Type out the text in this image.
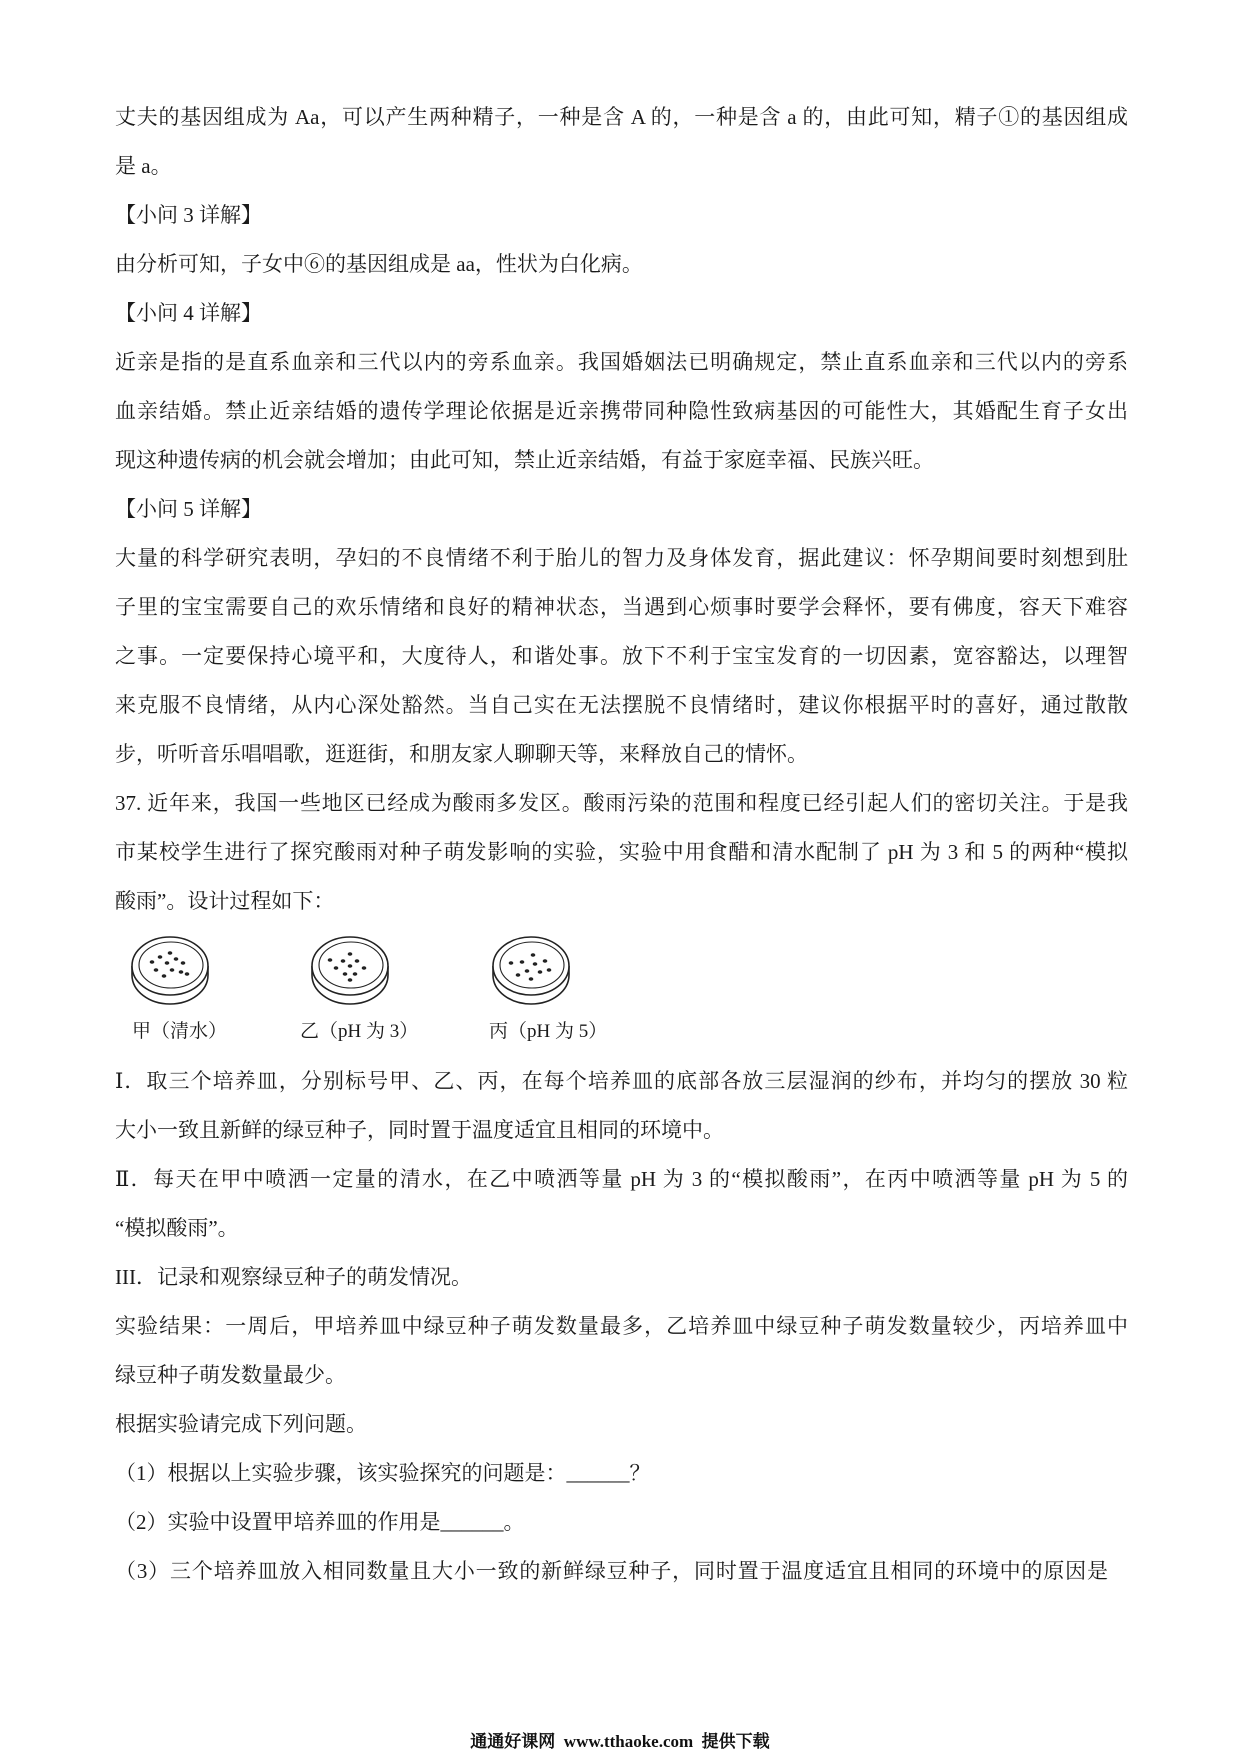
丈夫的基因组成为 Aa，可以产生两种精子，一种是含 A 的，一种是含 a 的，由此可知，精子①的基因组成
是 a。
【小问 3 详解】
由分析可知，子女中⑥的基因组成是 aa，性状为白化病。
【小问 4 详解】
近亲是指的是直系血亲和三代以内的旁系血亲。我国婚姻法已明确规定，禁止直系血亲和三代以内的旁系
血亲结婚。禁止近亲结婚的遗传学理论依据是近亲携带同种隐性致病基因的可能性大，其婚配生育子女出
现这种遗传病的机会就会增加；由此可知，禁止近亲结婚，有益于家庭幸福、民族兴旺。
【小问 5 详解】
大量的科学研究表明，孕妇的不良情绪不利于胎儿的智力及身体发育，据此建议：怀孕期间要时刻想到肚
子里的宝宝需要自己的欢乐情绪和良好的精神状态，当遇到心烦事时要学会释怀，要有佛度，容天下难容
之事。一定要保持心境平和，大度待人，和谐处事。放下不利于宝宝发育的一切因素，宽容豁达，以理智
来克服不良情绪，从内心深处豁然。当自己实在无法摆脱不良情绪时，建议你根据平时的喜好，通过散散
步，听听音乐唱唱歌，逛逛街，和朋友家人聊聊天等，来释放自己的情怀。
37. 近年来，我国一些地区已经成为酸雨多发区。酸雨污染的范围和程度已经引起人们的密切关注。于是我
市某校学生进行了探究酸雨对种子萌发影响的实验，实验中用食醋和清水配制了 pH 为 3 和 5 的两种“模拟
酸雨”。设计过程如下：
甲（清水）	乙（pH 为 3）	丙（pH 为 5）
Ⅰ．取三个培养皿，分别标号甲、乙、丙，在每个培养皿的底部各放三层湿润的纱布，并均匀的摆放 30 粒
大小一致且新鲜的绿豆种子，同时置于温度适宜且相同的环境中。
Ⅱ．每天在甲中喷洒一定量的清水，在乙中喷洒等量 pH 为 3 的“模拟酸雨”，在丙中喷洒等量 pH 为 5 的
“模拟酸雨”。
III．记录和观察绿豆种子的萌发情况。
实验结果：一周后，甲培养皿中绿豆种子萌发数量最多，乙培养皿中绿豆种子萌发数量较少，丙培养皿中
绿豆种子萌发数量最少。
根据实验请完成下列问题。
（1）根据以上实验步骤，该实验探究的问题是：______？
（2）实验中设置甲培养皿的作用是______。
（3）三个培养皿放入相同数量且大小一致的新鲜绿豆种子，同时置于温度适宜且相同的环境中的原因是
通通好课网  www.tthaoke.com  提供下载
